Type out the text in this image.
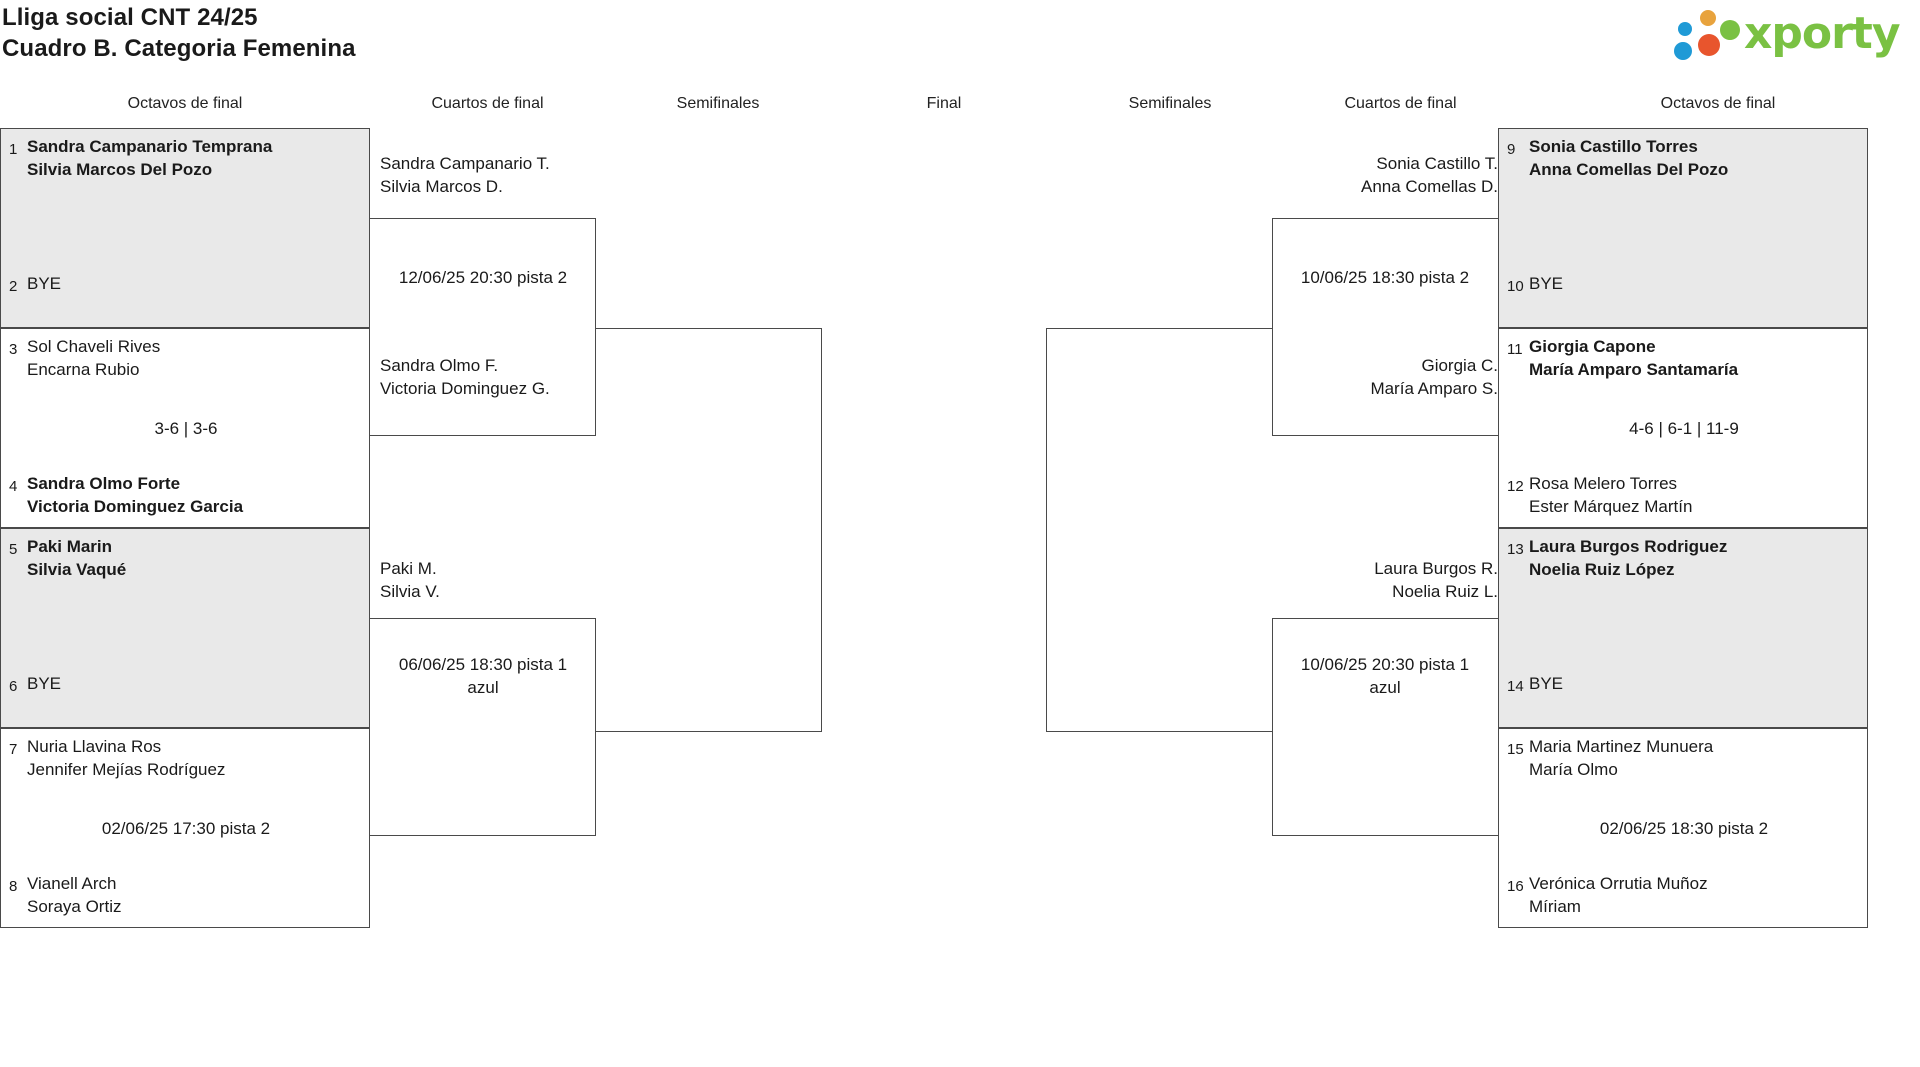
Lliga social CNT 24/25
Cuadro B. Categoria Femenina	xporty
Octavos de final	Cuartos de final	Semifinales	Final	Semifinales	Cuartos de final	Octavos de final
1 Sandra Campanario Temprana
Silvia Marcos Del Pozo
2 BYE
3 Sol Chaveli Rives
Encarna Rubio
3-6 | 3-6
4 Sandra Olmo Forte
Victoria Dominguez Garcia
5 Paki Marin
Silvia Vaqué
6 BYE
7 Nuria Llavina Ros
Jennifer Mejías Rodríguez
02/06/25 17:30 pista 2
8 Vianell Arch
Soraya Ortiz
Sandra Campanario T.
Silvia Marcos D.
12/06/25 20:30 pista 2
Sandra Olmo F.
Victoria Dominguez G.
Paki M.
Silvia V.
06/06/25 18:30 pista 1
azul
Sonia Castillo T.
Anna Comellas D.
10/06/25 18:30 pista 2
Giorgia C.
María Amparo S.
Laura Burgos R.
Noelia Ruiz L.
10/06/25 20:30 pista 1
azul
9 Sonia Castillo Torres
Anna Comellas Del Pozo
10 BYE
11 Giorgia Capone
María Amparo Santamaría
4-6 | 6-1 | 11-9
12 Rosa Melero Torres
Ester Márquez Martín
13 Laura Burgos Rodriguez
Noelia Ruiz López
14 BYE
15 Maria Martinez Munuera
María Olmo
02/06/25 18:30 pista 2
16 Verónica Orrutia Muñoz
Míriam
